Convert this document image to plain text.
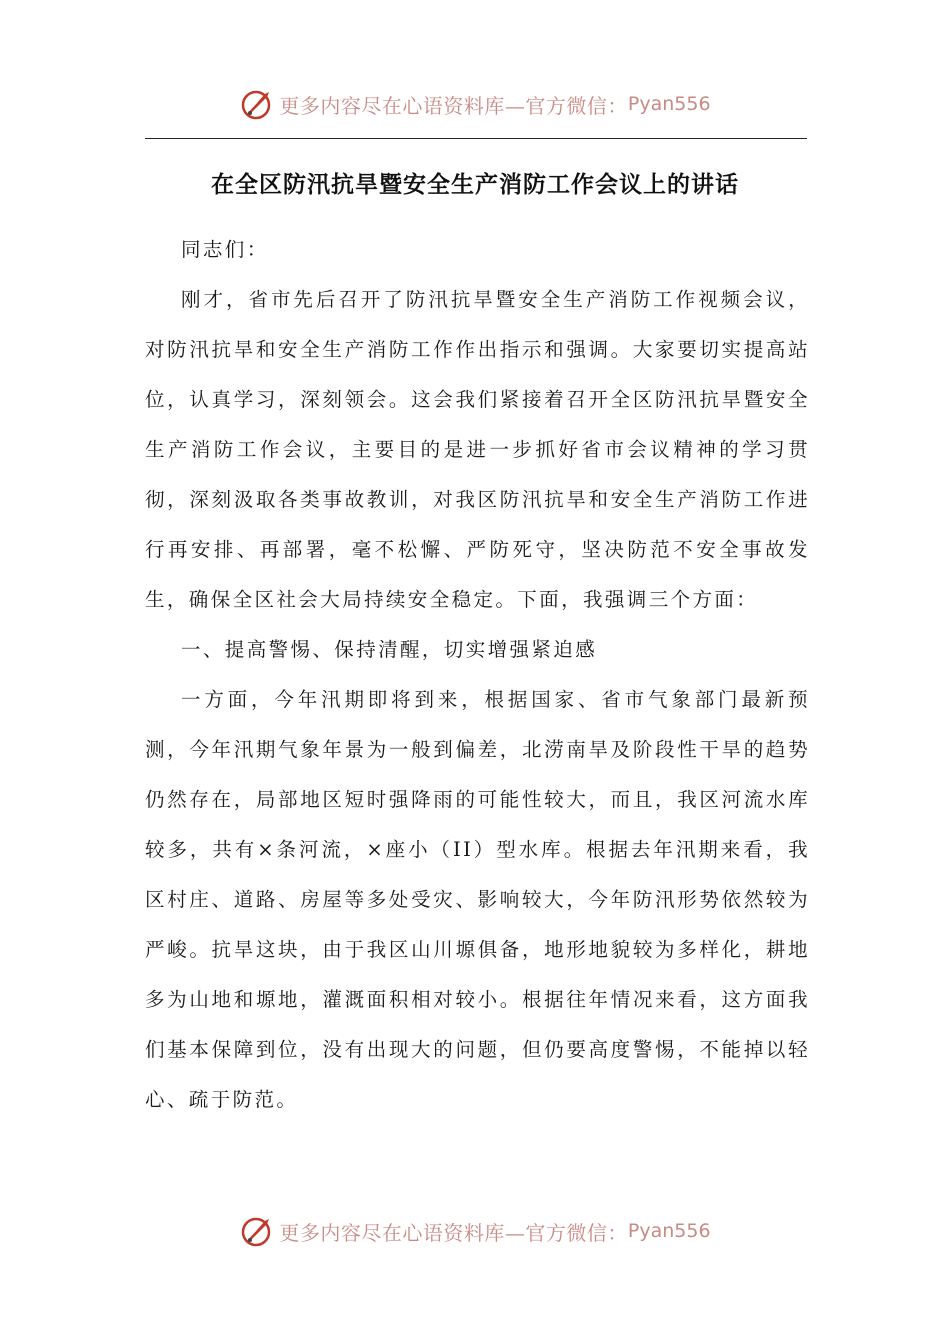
更多内容尽在心语资料库—官方微信： Pyan556
在全区防汛抗旱暨安全生产消防工作会议上的讲话

同志们：

刚才，省市先后召开了防汛抗旱暨安全生产消防工作视频会议，对防汛抗旱和安全生产消防工作作出指示和强调。大家要切实提高站位，认真学习，深刻领会。这会我们紧接着召开全区防汛抗旱暨安全生产消防工作会议，主要目的是进一步抓好省市会议精神的学习贯彻，深刻汲取各类事故教训，对我区防汛抗旱和安全生产消防工作进行再安排、再部署，毫不松懈、严防死守，坚决防范不安全事故发生，确保全区社会大局持续安全稳定。下面，我强调三个方面：

一、提高警惕、保持清醒，切实增强紧迫感

一方面，今年汛期即将到来，根据国家、省市气象部门最新预测，今年汛期气象年景为一般到偏差，北涝南旱及阶段性干旱的趋势仍然存在，局部地区短时强降雨的可能性较大，而且，我区河流水库较多，共有×条河流，×座小（II）型水库。根据去年汛期来看，我区村庄、道路、房屋等多处受灾、影响较大，今年防汛形势依然较为严峻。抗旱这块，由于我区山川塬俱备，地形地貌较为多样化，耕地多为山地和塬地，灌溉面积相对较小。根据往年情况来看，这方面我们基本保障到位，没有出现大的问题，但仍要高度警惕，不能掉以轻心、疏于防范。

更多内容尽在心语资料库—官方微信： Pyan556
